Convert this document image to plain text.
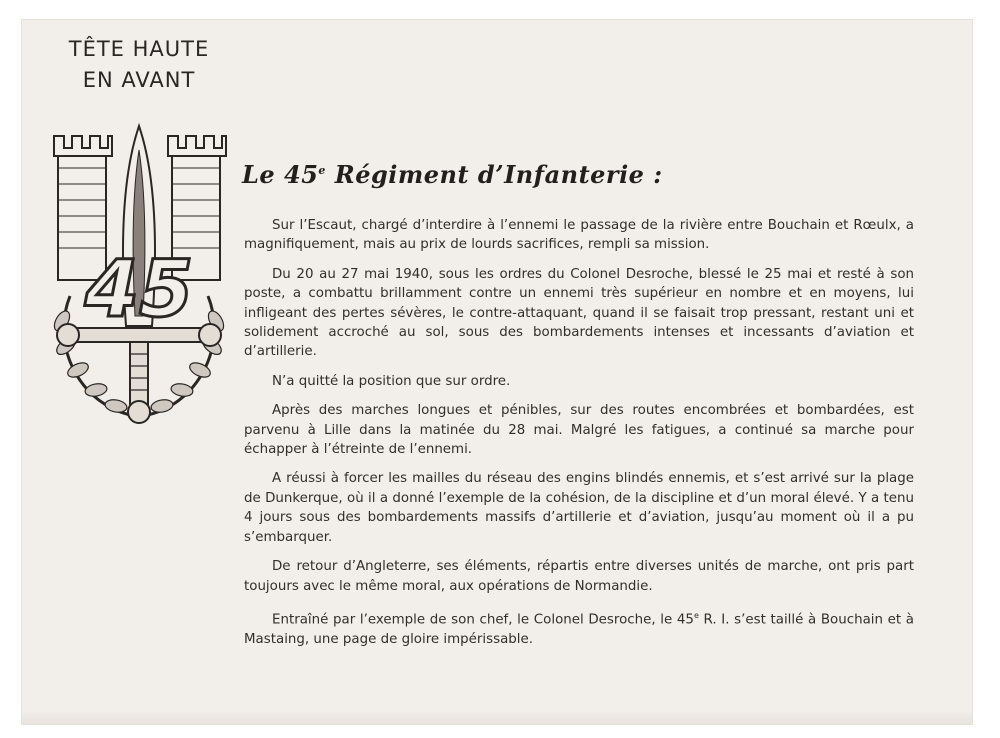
TÊTE HAUTE
EN AVANT
45
Le 45e Régiment d’Infanterie :

Sur l’Escaut, chargé d’interdire à l’ennemi le passage de la rivière entre Bouchain et Rœulx, a magnifiquement, mais au prix de lourds sacrifices, rempli sa mission.

Du 20 au 27 mai 1940, sous les ordres du Colonel Desroche, blessé le 25 mai et resté à son poste, a combattu brillamment contre un ennemi très supérieur en nombre et en moyens, lui infligeant des pertes sévères, le contre-attaquant, quand il se faisait trop pressant, restant uni et solidement accroché au sol, sous des bombardements intenses et incessants d’aviation et d’artillerie.

N’a quitté la position que sur ordre.

Après des marches longues et pénibles, sur des routes encombrées et bombardées, est parvenu à Lille dans la matinée du 28 mai. Malgré les fatigues, a continué sa marche pour échapper à l’étreinte de l’ennemi.

A réussi à forcer les mailles du réseau des engins blindés ennemis, et s’est arrivé sur la plage de Dunkerque, où il a donné l’exemple de la cohésion, de la discipline et d’un moral élevé. Y a tenu 4 jours sous des bombardements massifs d’artillerie et d’aviation, jusqu’au moment où il a pu s’embarquer.

De retour d’Angleterre, ses éléments, répartis entre diverses unités de marche, ont pris part toujours avec le même moral, aux opérations de Normandie.

Entraîné par l’exemple de son chef, le Colonel Desroche, le 45e R. I. s’est taillé à Bouchain et à Mastaing, une page de gloire impérissable.
